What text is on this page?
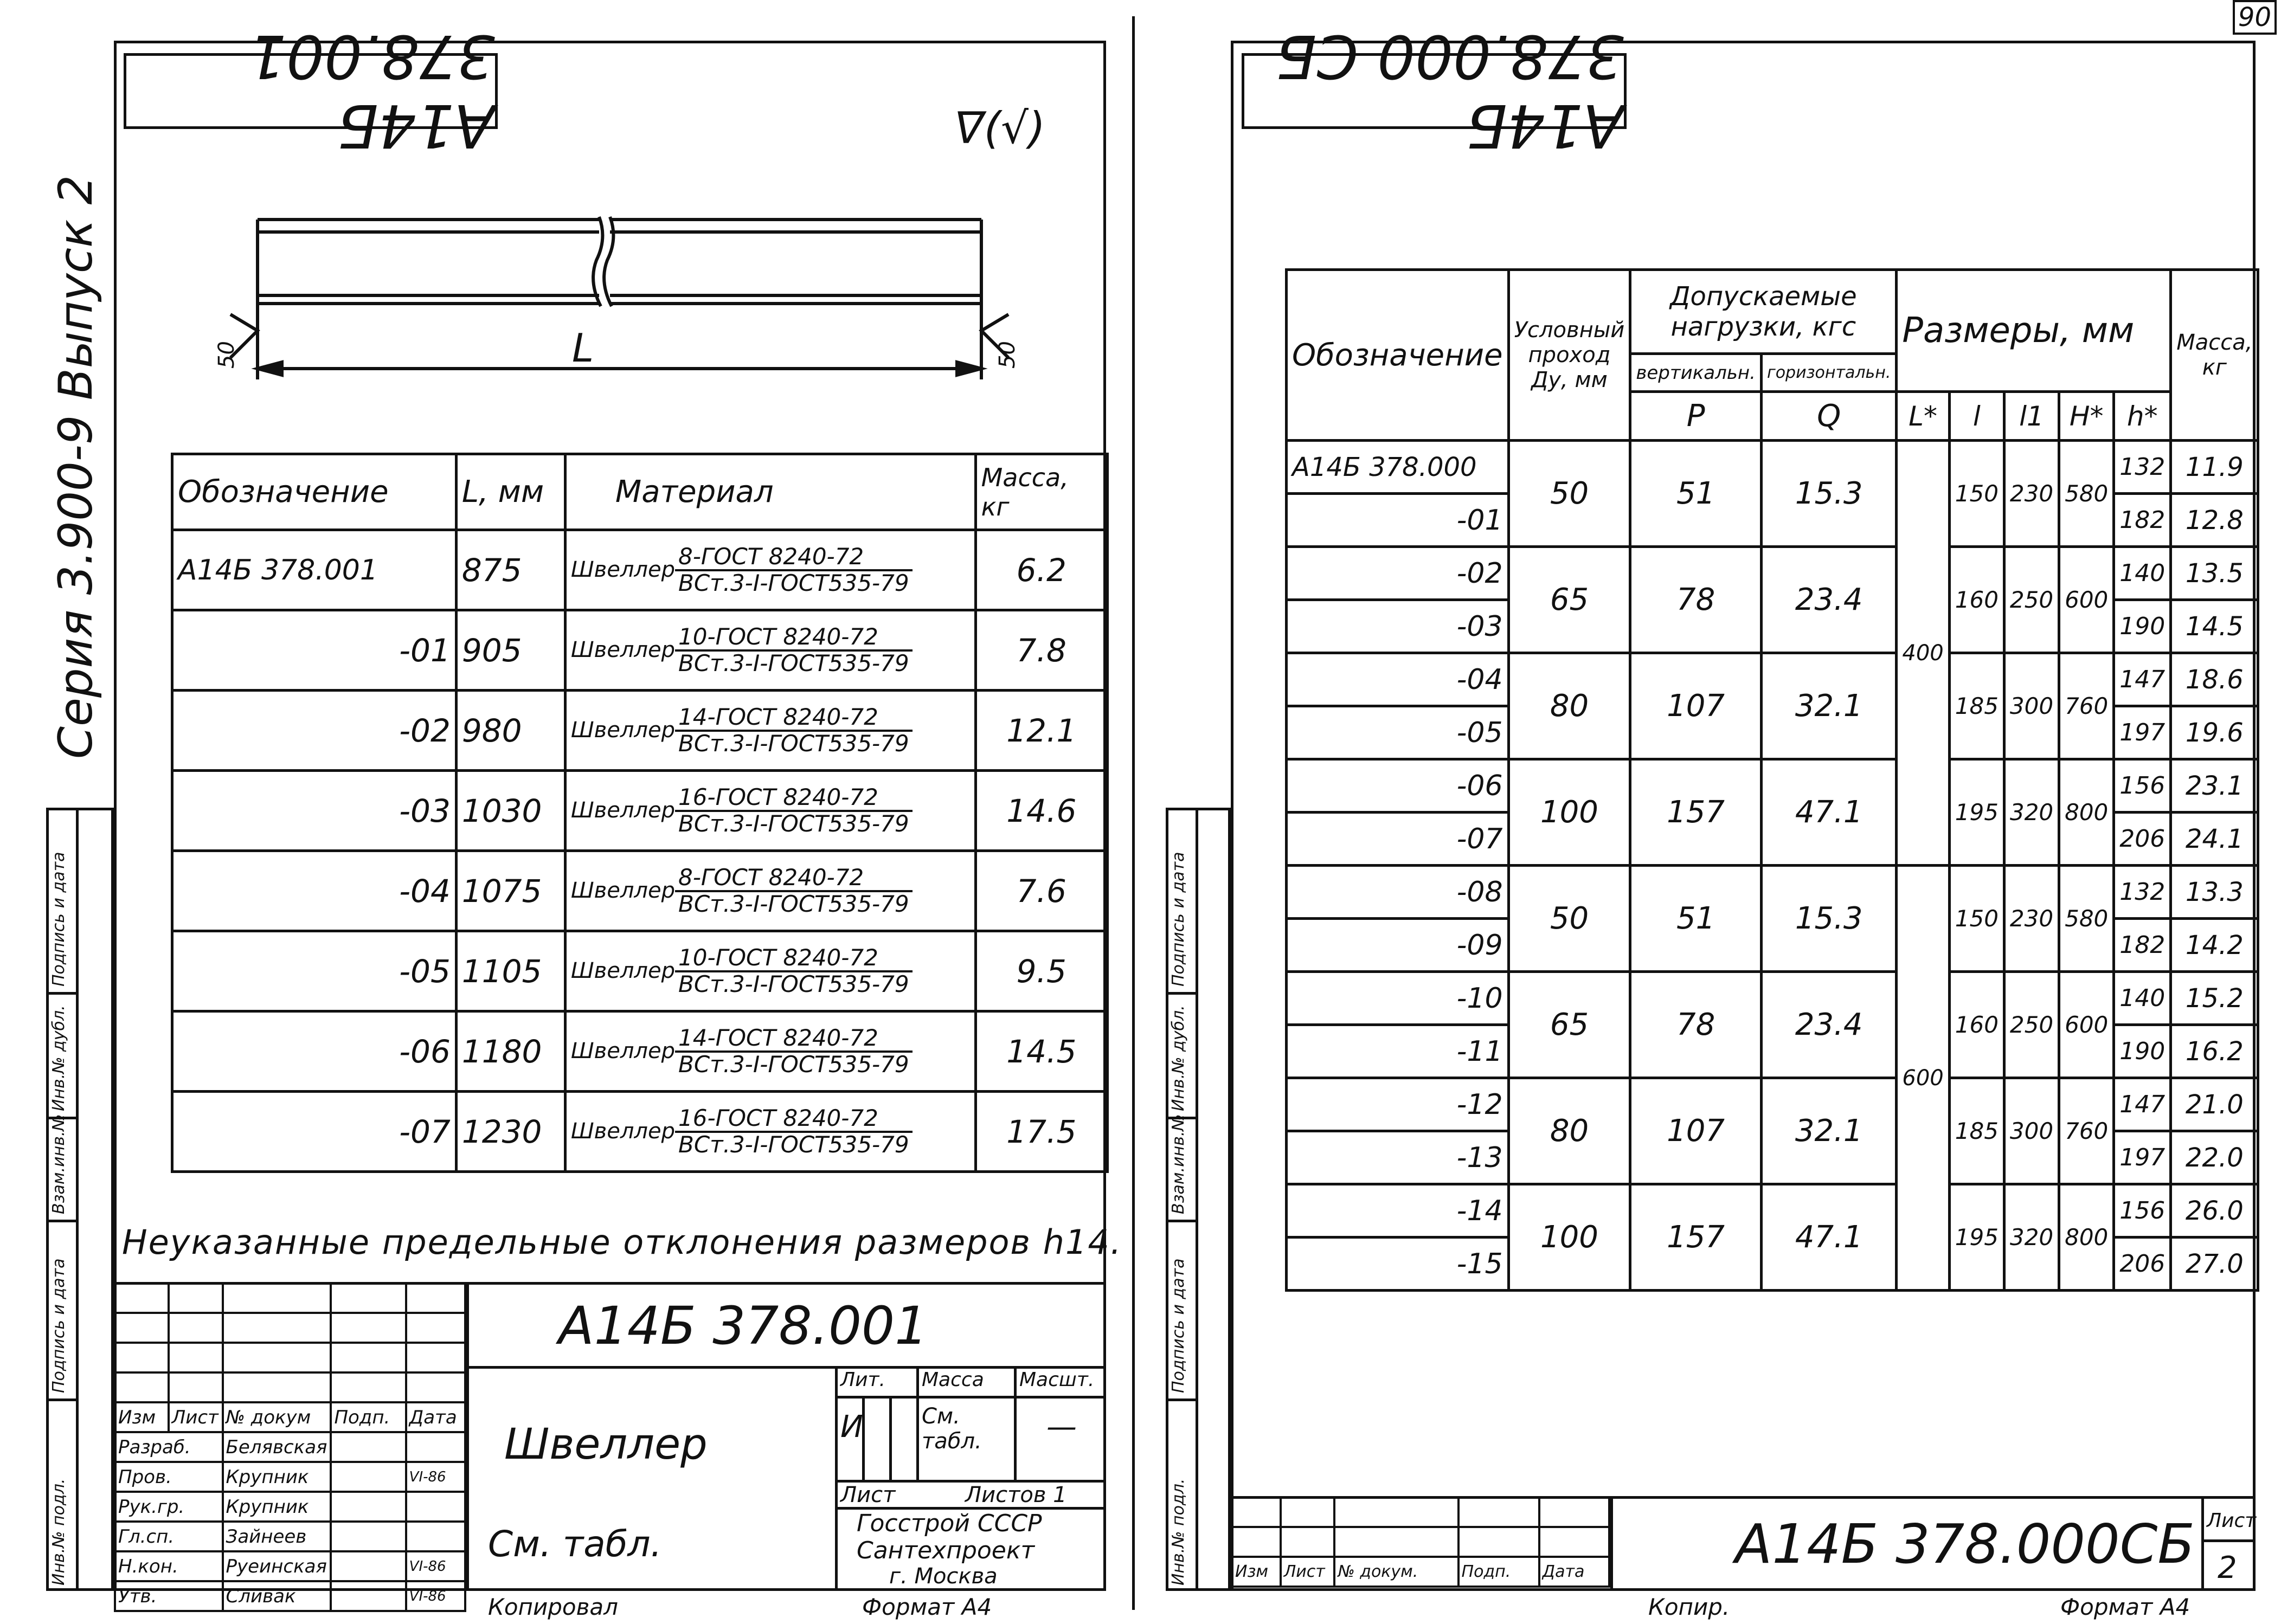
90
А14Б 378.001
ᐁ(√)
Серия 3.900-9 Выпуск 2	L
50	50
Обозначение	L, мм	Материал	Масса, кг
А14Б 378.001	875	Швеллер $\frac{\text{8-ГОСТ 8240-72}}{\text{ВСт.3-I-ГОСТ535-79}}$	6.2
-01	905	Швеллер $\frac{\text{10-ГОСТ 8240-72}}{\text{ВСт.3-I-ГОСТ535-79}}$	7.8
-02	980	Швеллер $\frac{\text{14-ГОСТ 8240-72}}{\text{ВСт.3-I-ГОСТ535-79}}$	12.1
-03	1030	Швеллер $\frac{\text{16-ГОСТ 8240-72}}{\text{ВСт.3-I-ГОСТ535-79}}$	14.6
-04	1075	Швеллер $\frac{\text{8-ГОСТ 8240-72}}{\text{ВСт.3-I-ГОСТ535-79}}$	7.6
-05	1105	Швеллер $\frac{\text{10-ГОСТ 8240-72}}{\text{ВСт.3-I-ГОСТ535-79}}$	9.5
-06	1180	Швеллер $\frac{\text{14-ГОСТ 8240-72}}{\text{ВСт.3-I-ГОСТ535-79}}$	14.5
-07	1230	Швеллер $\frac{\text{16-ГОСТ 8240-72}}{\text{ВСт.3-I-ГОСТ535-79}}$	17.5
Неуказанные предельные отклонения размеров h14.
А14Б 378.001

Изм	Лист	№ докум	Подп.	Дата
Разраб.		Белявская		
Пров.		Крупник		VI-86
Рук.гр.		Крупник		
Гл.сп.		Зайнеев		
Н.кон.		Руеинская		VI-86
Утв.		Сливак		VI-86
Швеллер
См. табл.
Лит. Масса Масшт.
И	См. табл.	—
Лист	Листов 1
Госстрой СССР
Сантехпроект
г. Москва
Копировал	Формат А4
Инв.№ подл.
Подпись и дата
Взам.инв.№
Инв.№ дубл.
Подпись и дата
А14Б 378.000 СБ
Обозначение	Условный проход Ду, мм	Допускаемые нагрузки, кгс		Размеры, мм					Масса, кг
		вертикальн.	горизонтальн.						
		P	Q	L*	l	l1	H*	h*	
А14Б 378.000	50	51	15.3	400	150	230	580	132	11.9
-01								182	12.8
-02	65	78	23.4		160	250	600	140	13.5
-03								190	14.5
-04	80	107	32.1		185	300	760	147	18.6
-05								197	19.6
-06	100	157	47.1		195	320	800	156	23.1
-07								206	24.1
-08	50	51	15.3	600	150	230	580	132	13.3
-09								182	14.2
-10	65	78	23.4		160	250	600	140	15.2
-11								190	16.2
-12	80	107	32.1		185	300	760	147	21.0
-13								197	22.0
-14	100	157	47.1		195	320	800	156	26.0
-15								206	27.0

Изм	Лист	№ докум.	Подп.	Дата	А14Б 378.000СБ Лист
2
Копир.	Формат А4
Инв.№ подл.
Подпись и дата
Взам.инв.№
Инв.№ дубл.
Подпись и дата
